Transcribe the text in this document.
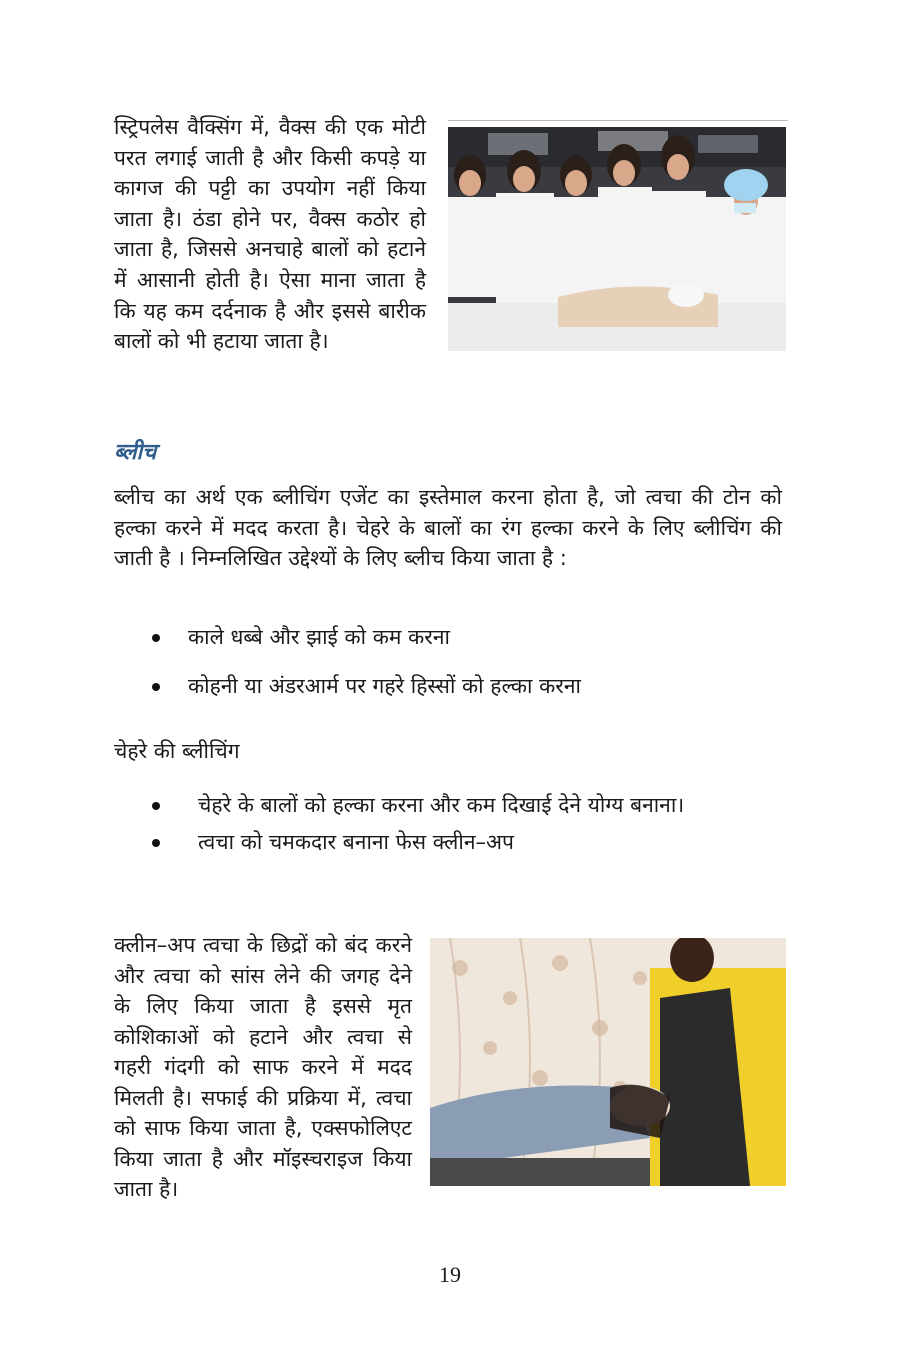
स्ट्रिपलेस वैक्सिंग में, वैक्स की एक मोटी परत लगाई जाती है और किसी कपड़े या कागज की पट्टी का उपयोग नहीं किया जाता है। ठंडा होने पर, वैक्स कठोर हो जाता है, जिससे अनचाहे बालों को हटाने में आसानी होती है। ऐसा माना जाता है कि यह कम दर्दनाक है और इससे बारीक बालों को भी हटाया जाता है।

ब्लीच

ब्लीच का अर्थ एक ब्लीचिंग एजेंट का इस्तेमाल करना होता है, जो त्वचा की टोन को हल्का करने में मदद करता है। चेहरे के बालों का रंग हल्का करने के लिए ब्लीचिंग की जाती है । निम्नलिखित उद्देश्यों के लिए ब्लीच किया जाता है :

काले धब्बे और झाई को कम करना
कोहनी या अंडरआर्म पर गहरे हिस्सों को हल्का करना

चेहरे की ब्लीचिंग

चेहरे के बालों को हल्का करना और कम दिखाई देने योग्य बनाना।
त्वचा को चमकदार बनाना फेस क्लीन–अप

क्लीन–अप त्वचा के छिद्रों को बंद करने और त्वचा को सांस लेने की जगह देने के लिए किया जाता है इससे मृत कोशिकाओं को हटाने और त्वचा से गहरी गंदगी को साफ करने में मदद मिलती है। सफाई की प्रक्रिया में, त्वचा को साफ किया जाता है, एक्सफोलिएट किया जाता है और मॉइस्चराइज किया जाता है।

19
